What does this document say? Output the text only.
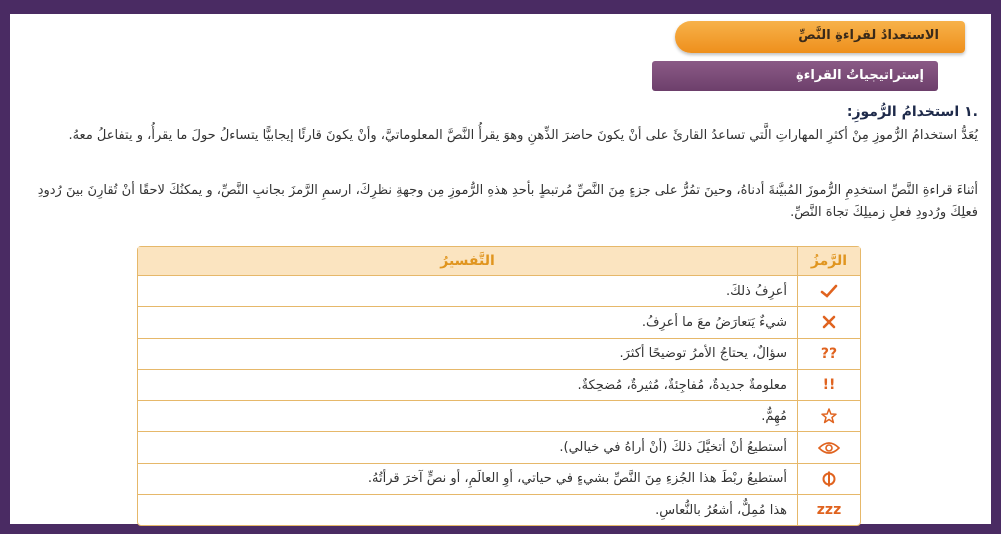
الاستعدادُ لقراءةِ النَّصِّ
إستراتيجياتُ القراءةِ
.١
استخدامُ الرُّموزِ:

يُعَدُّ استخدامُ الرُّموزِ مِنْ أكثرِ المهاراتِ الَّتي تساعدُ القارئَ على أنْ يكونَ حاضرَ الذِّهنِ وهوَ يقرأُ النَّصَّ المعلوماتيَّ، وأنْ يكونَ قارئًا إيجابيًّا يتساءلُ حولَ ما يقرأُ، و يتفاعلُ معهُ.

أثناءَ قراءةِ النَّصِّ استخدِمِ الرُّموزَ المُبيَّنةَ أدناهُ، وحينَ تمُرُّ على جزءٍ مِنَ النَّصِّ مُرتبطٍ بأحدِ هذهِ الرُّموزِ مِن وجهةِ نظرِكَ، ارسمِ الرَّمزَ بجانبِ النَّصِّ، و يمكنُكَ لاحقًا أنْ تُقارِنَ بينَ رُدودِ فعلِكَ ورُدودِ فعلِ زميلِكَ تجاهَ النَّصِّ.

الرَّمزُ
التَّفسيرُ
أعرِفُ ذلكَ.
شيءٌ يَتعارَضُ معَ ما أعرِفُ.
??
سؤالٌ، يحتاجُ الأمرُ توضيحًا أكثرَ.
!!
معلومةٌ جديدةٌ، مُفاجِئةٌ، مُثيرةٌ، مُضحِكةٌ.
مُهِمٌّ.
أستطيعُ أنْ أتخيَّلَ ذلكَ (أنْ أراهُ في خيالي).
أستطيعُ ربْطَ هذا الجُزءِ مِنَ النَّصِّ بشيءٍ في حياتي، أوِ العالَمِ، أو نصٍّ آخرَ قرأتُهُ.
zzz
هذا مُمِلٌّ، أشعُرُ بالنُّعاسِ.
